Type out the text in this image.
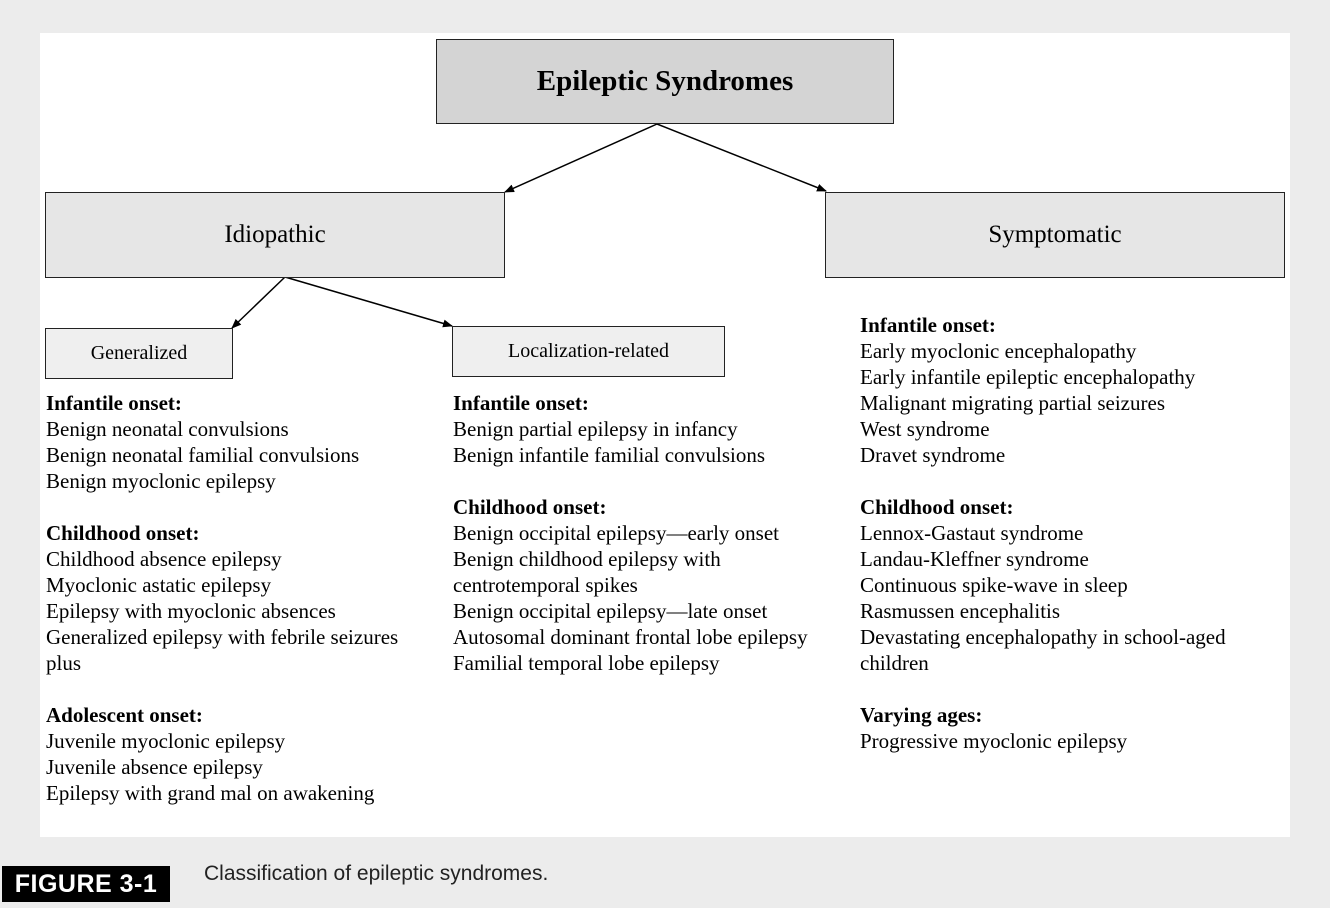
Epileptic Syndromes
Idiopathic	Symptomatic
Generalized	Localization-related
Infantile onset:
Benign neonatal convulsions
Benign neonatal familial convulsions
Benign myoclonic epilepsy
Childhood onset:
Childhood absence epilepsy
Myoclonic astatic epilepsy
Epilepsy with myoclonic absences
Generalized epilepsy with febrile seizures plus
Adolescent onset:
Juvenile myoclonic epilepsy
Juvenile absence epilepsy
Epilepsy with grand mal on awakening
Infantile onset:
Benign partial epilepsy in infancy
Benign infantile familial convulsions
Childhood onset:
Benign occipital epilepsy—early onset
Benign childhood epilepsy with centrotemporal spikes
Benign occipital epilepsy—late onset
Autosomal dominant frontal lobe epilepsy
Familial temporal lobe epilepsy
Infantile onset:
Early myoclonic encephalopathy
Early infantile epileptic encephalopathy
Malignant migrating partial seizures
West syndrome
Dravet syndrome
Childhood onset:
Lennox-Gastaut syndrome
Landau-Kleffner syndrome
Continuous spike-wave in sleep
Rasmussen encephalitis
Devastating encephalopathy in school-aged children
Varying ages:
Progressive myoclonic epilepsy
FIGURE 3-1	Classification of epileptic syndromes.
